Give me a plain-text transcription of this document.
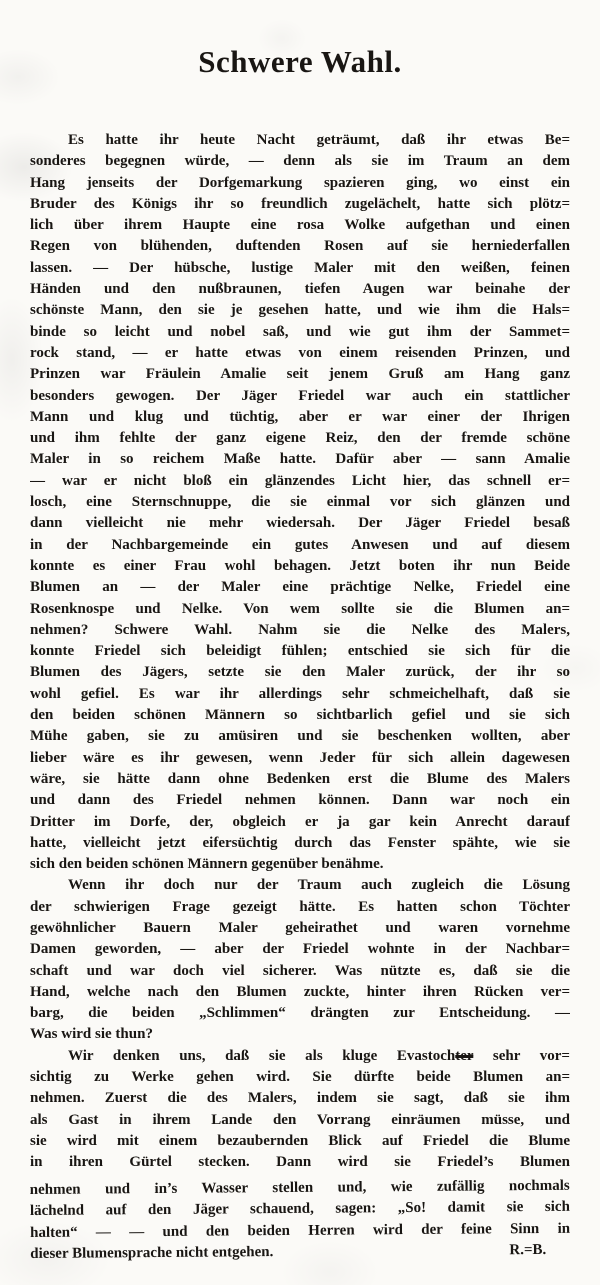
Schwere Wahl.
Es hatte ihr heute Nacht geträumt, daß ihr etwas Be=
sonderes begegnen würde, — denn als sie im Traum an dem
Hang jenseits der Dorfgemarkung spazieren ging, wo einst ein
Bruder des Königs ihr so freundlich zugelächelt, hatte sich plötz=
lich über ihrem Haupte eine rosa Wolke aufgethan und einen
Regen von blühenden, duftenden Rosen auf sie herniederfallen
lassen. — Der hübsche, lustige Maler mit den weißen, feinen
Händen und den nußbraunen, tiefen Augen war beinahe der
schönste Mann, den sie je gesehen hatte, und wie ihm die Hals=
binde so leicht und nobel saß, und wie gut ihm der Sammet=
rock stand, — er hatte etwas von einem reisenden Prinzen, und
Prinzen war Fräulein Amalie seit jenem Gruß am Hang ganz
besonders gewogen. Der Jäger Friedel war auch ein stattlicher
Mann und klug und tüchtig, aber er war einer der Ihrigen
und ihm fehlte der ganz eigene Reiz, den der fremde schöne
Maler in so reichem Maße hatte. Dafür aber — sann Amalie
— war er nicht bloß ein glänzendes Licht hier, das schnell er=
losch, eine Sternschnuppe, die sie einmal vor sich glänzen und
dann vielleicht nie mehr wiedersah. Der Jäger Friedel besaß
in der Nachbargemeinde ein gutes Anwesen und auf diesem
konnte es einer Frau wohl behagen. Jetzt boten ihr nun Beide
Blumen an — der Maler eine prächtige Nelke, Friedel eine
Rosenknospe und Nelke. Von wem sollte sie die Blumen an=
nehmen? Schwere Wahl. Nahm sie die Nelke des Malers,
konnte Friedel sich beleidigt fühlen; entschied sie sich für die
Blumen des Jägers, setzte sie den Maler zurück, der ihr so
wohl gefiel. Es war ihr allerdings sehr schmeichelhaft, daß sie
den beiden schönen Männern so sichtbarlich gefiel und sie sich
Mühe gaben, sie zu amüsiren und sie beschenken wollten, aber
lieber wäre es ihr gewesen, wenn Jeder für sich allein dagewesen
wäre, sie hätte dann ohne Bedenken erst die Blume des Malers
und dann des Friedel nehmen können. Dann war noch ein
Dritter im Dorfe, der, obgleich er ja gar kein Anrecht darauf
hatte, vielleicht jetzt eifersüchtig durch das Fenster spähte, wie sie
sich den beiden schönen Männern gegenüber benähme.
Wenn ihr doch nur der Traum auch zugleich die Lösung
der schwierigen Frage gezeigt hätte. Es hatten schon Töchter
gewöhnlicher Bauern Maler geheirathet und waren vornehme
Damen geworden, — aber der Friedel wohnte in der Nachbar=
schaft und war doch viel sicherer. Was nützte es, daß sie die
Hand, welche nach den Blumen zuckte, hinter ihren Rücken ver=
barg, die beiden „Schlimmen“ drängten zur Entscheidung. —
Was wird sie thun?
Wir denken uns, daß sie als kluge Evastochter sehr vor=
sichtig zu Werke gehen wird. Sie dürfte beide Blumen an=
nehmen. Zuerst die des Malers, indem sie sagt, daß sie ihm
als Gast in ihrem Lande den Vorrang einräumen müsse, und
sie wird mit einem bezaubernden Blick auf Friedel die Blume
in ihren Gürtel stecken. Dann wird sie Friedel’s Blumen
nehmen und in’s Wasser stellen und, wie zufällig nochmals
lächelnd auf den Jäger schauend, sagen: „So! damit sie sich
halten“ — — und den beiden Herren wird der feine Sinn in
dieser Blumensprache nicht entgehen.	R.=B.
